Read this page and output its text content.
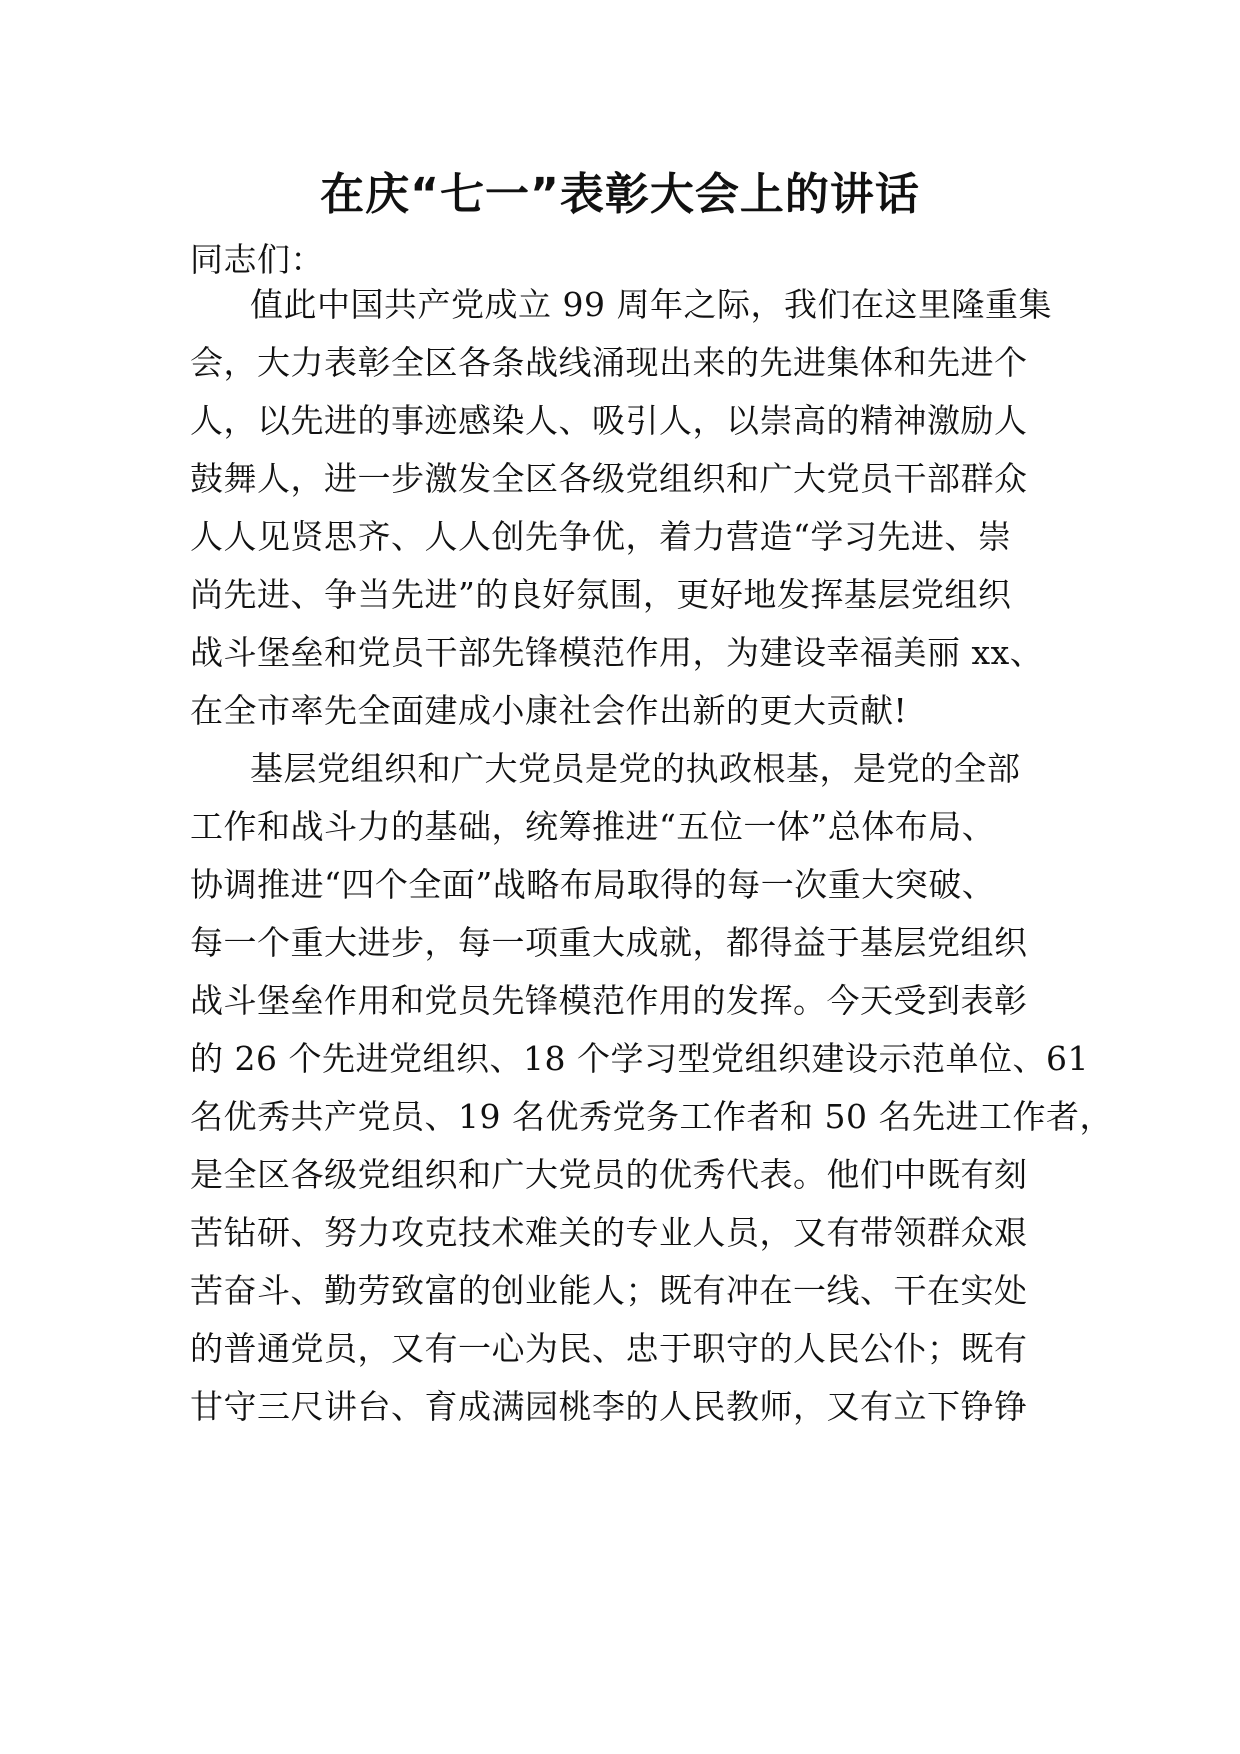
在庆“七一”表彰大会上的讲话

同志们：

值此中国共产党成立 99 周年之际，我们在这里隆重集

会，大力表彰全区各条战线涌现出来的先进集体和先进个

人，以先进的事迹感染人、吸引人，以崇高的精神激励人

鼓舞人，进一步激发全区各级党组织和广大党员干部群众

人人见贤思齐、人人创先争优，着力营造“学习先进、崇

尚先进、争当先进”的良好氛围，更好地发挥基层党组织

战斗堡垒和党员干部先锋模范作用，为建设幸福美丽 xx、

在全市率先全面建成小康社会作出新的更大贡献!

基层党组织和广大党员是党的执政根基，是党的全部

工作和战斗力的基础，统筹推进“五位一体”总体布局、

协调推进“四个全面”战略布局取得的每一次重大突破、

每一个重大进步，每一项重大成就，都得益于基层党组织

战斗堡垒作用和党员先锋模范作用的发挥。今天受到表彰

的 26 个先进党组织、18 个学习型党组织建设示范单位、61

名优秀共产党员、19 名优秀党务工作者和 50 名先进工作者，

是全区各级党组织和广大党员的优秀代表。他们中既有刻

苦钻研、努力攻克技术难关的专业人员，又有带领群众艰

苦奋斗、勤劳致富的创业能人；既有冲在一线、干在实处

的普通党员，又有一心为民、忠于职守的人民公仆；既有

甘守三尺讲台、育成满园桃李的人民教师，又有立下铮铮
